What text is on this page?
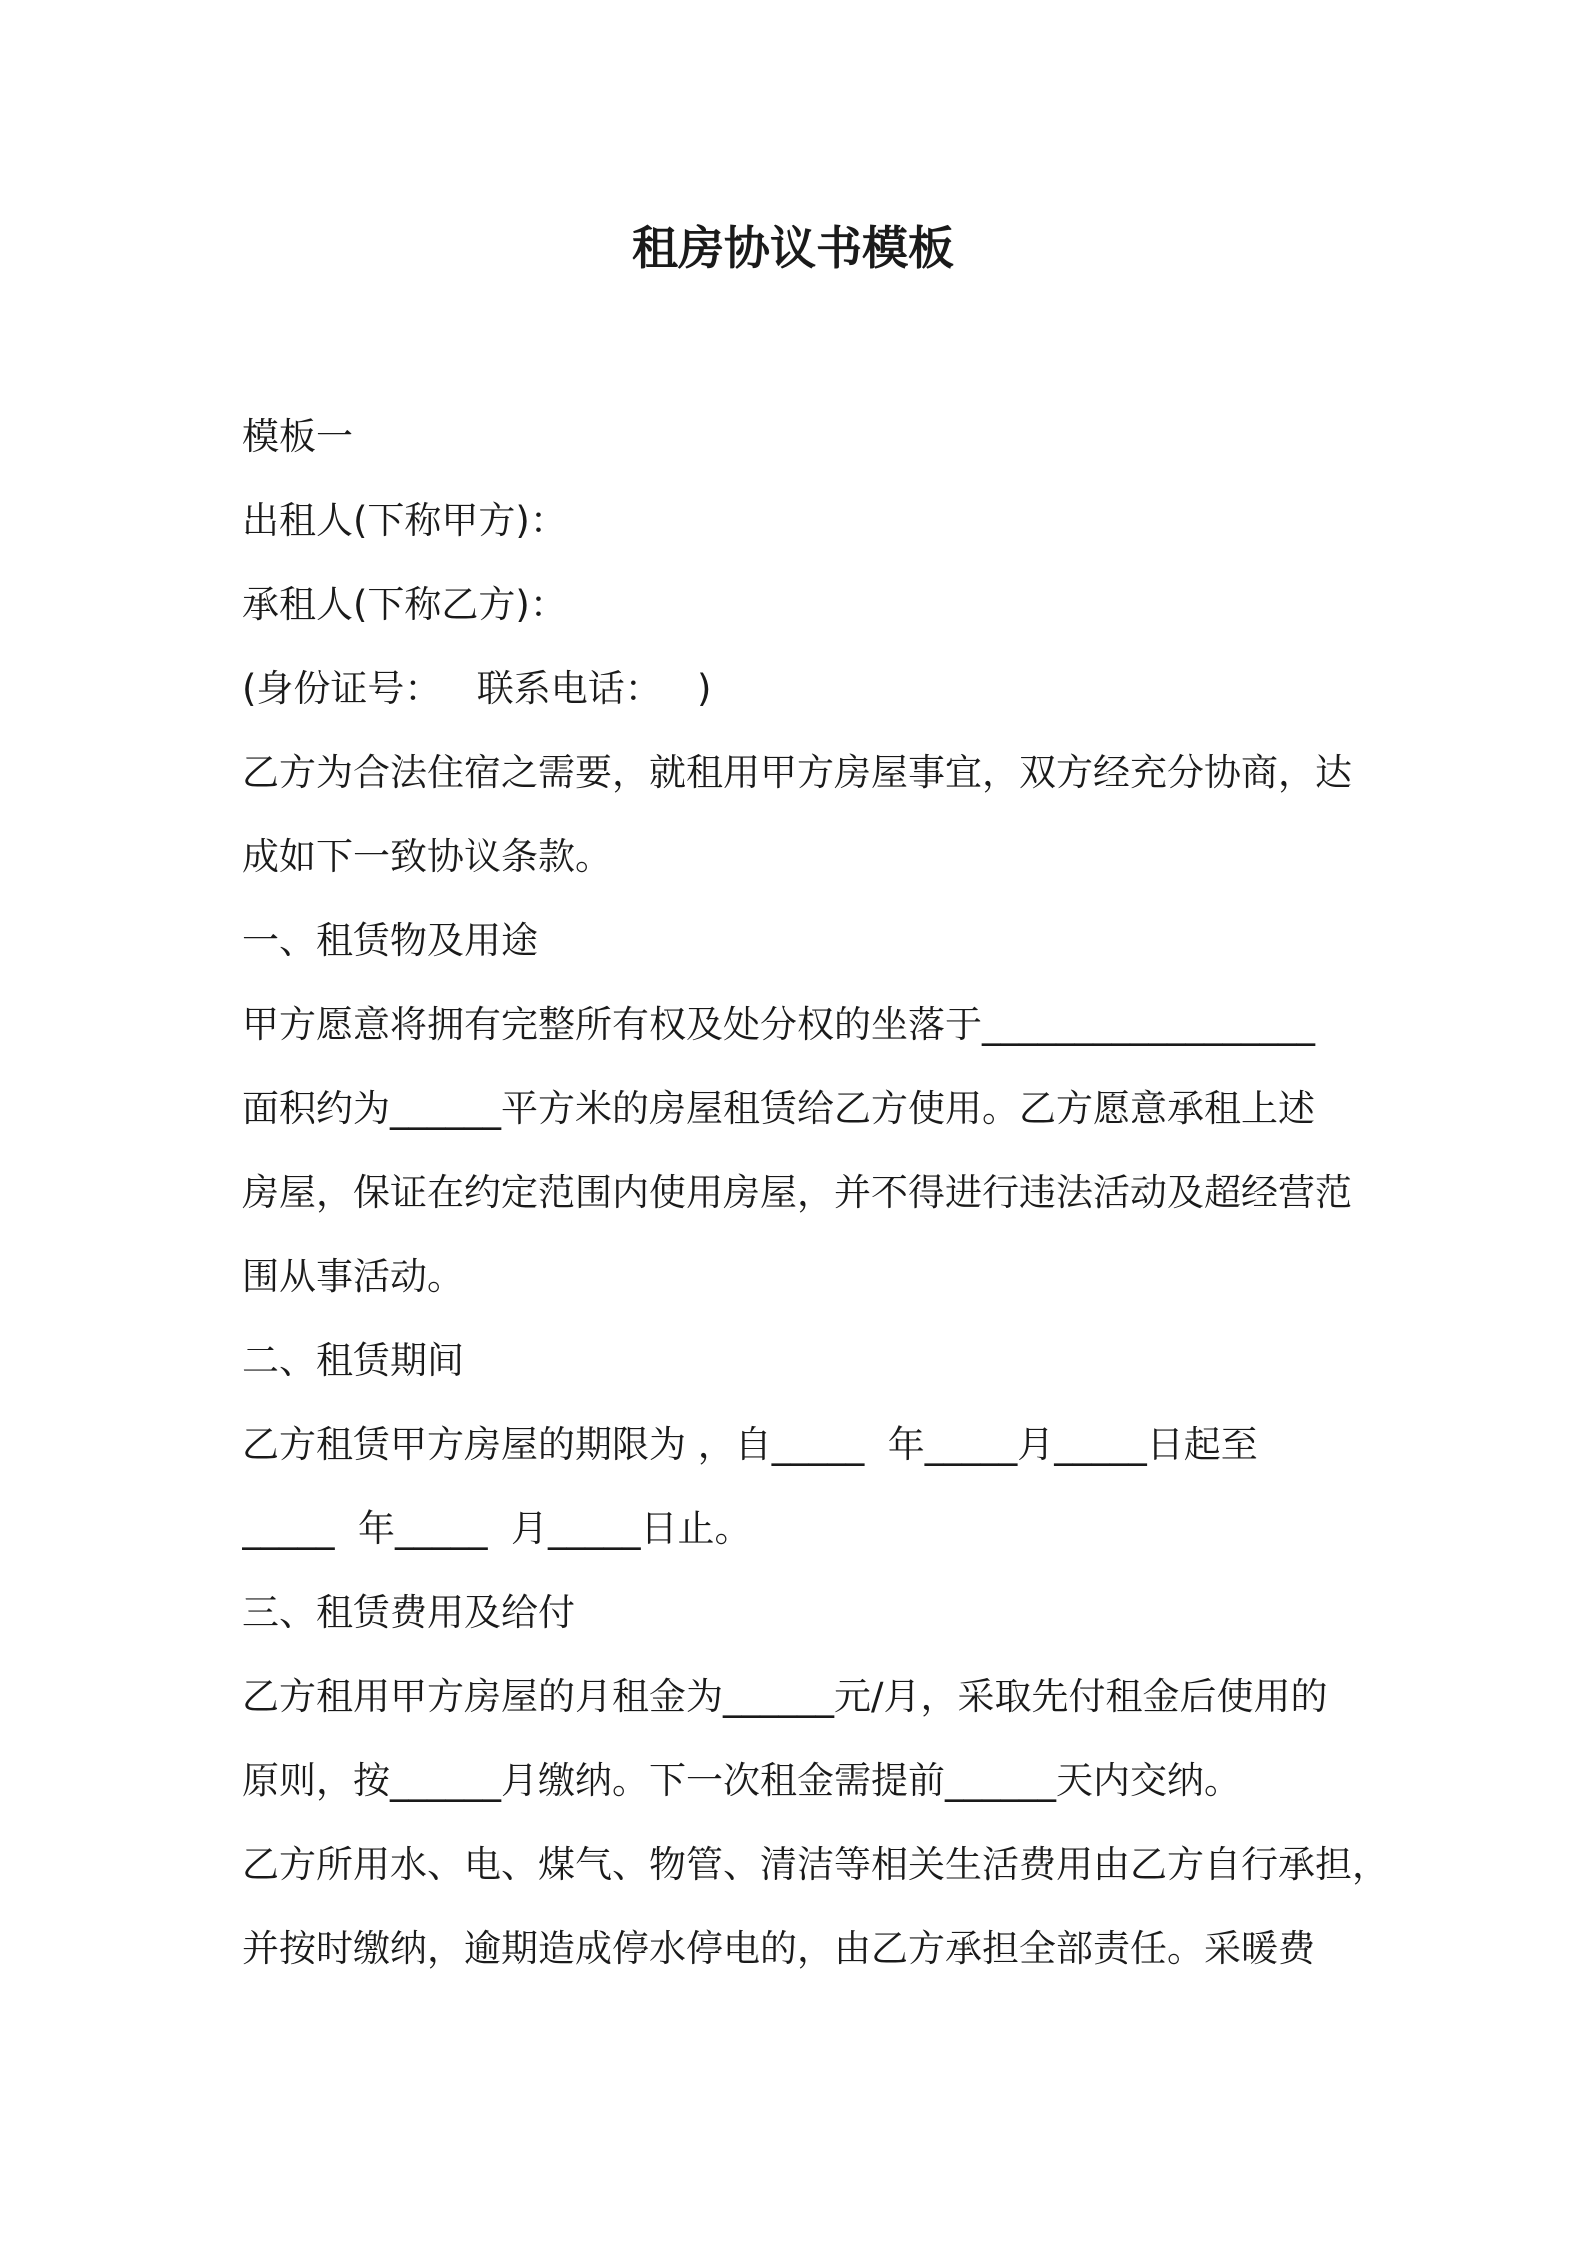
租房协议书模板
模板一
出租人(下称甲方)：
承租人(下称乙方)：
(身份证号：   联系电话：   )
乙方为合法住宿之需要，就租用甲方房屋事宜，双方经充分协商，达
成如下一致协议条款。
一、租赁物及用途
甲方愿意将拥有完整所有权及处分权的坐落于__________________
面积约为______平方米的房屋租赁给乙方使用。乙方愿意承租上述
房屋，保证在约定范围内使用房屋，并不得进行违法活动及超经营范
围从事活动。
二、租赁期间
乙方租赁甲方房屋的期限为 ，自_____  年_____月_____日起至
_____  年_____  月_____日止。
三、租赁费用及给付
乙方租用甲方房屋的月租金为______元/月，采取先付租金后使用的
原则，按______月缴纳。下一次租金需提前______天内交纳。
乙方所用水、电、煤气、物管、清洁等相关生活费用由乙方自行承担，
并按时缴纳，逾期造成停水停电的，由乙方承担全部责任。采暖费
